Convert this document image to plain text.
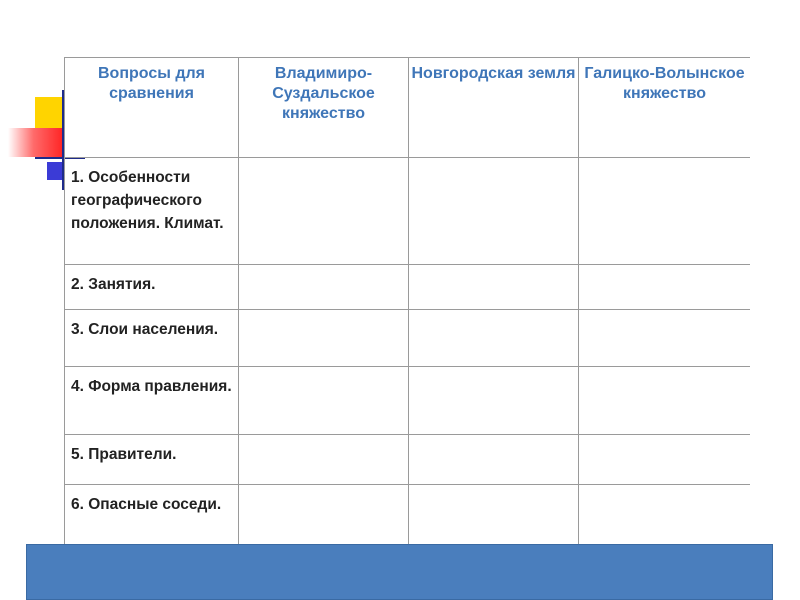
Вопросы для сравнения	Владимиро-Суздальское княжество	Новгородская земля	Галицко-Волынское княжество
1. Особенности географического положения. Климат.			
2. Занятия.			
3. Слои населения.			
4. Форма правления.			
5. Правители.			
6. Опасные соседи.			
